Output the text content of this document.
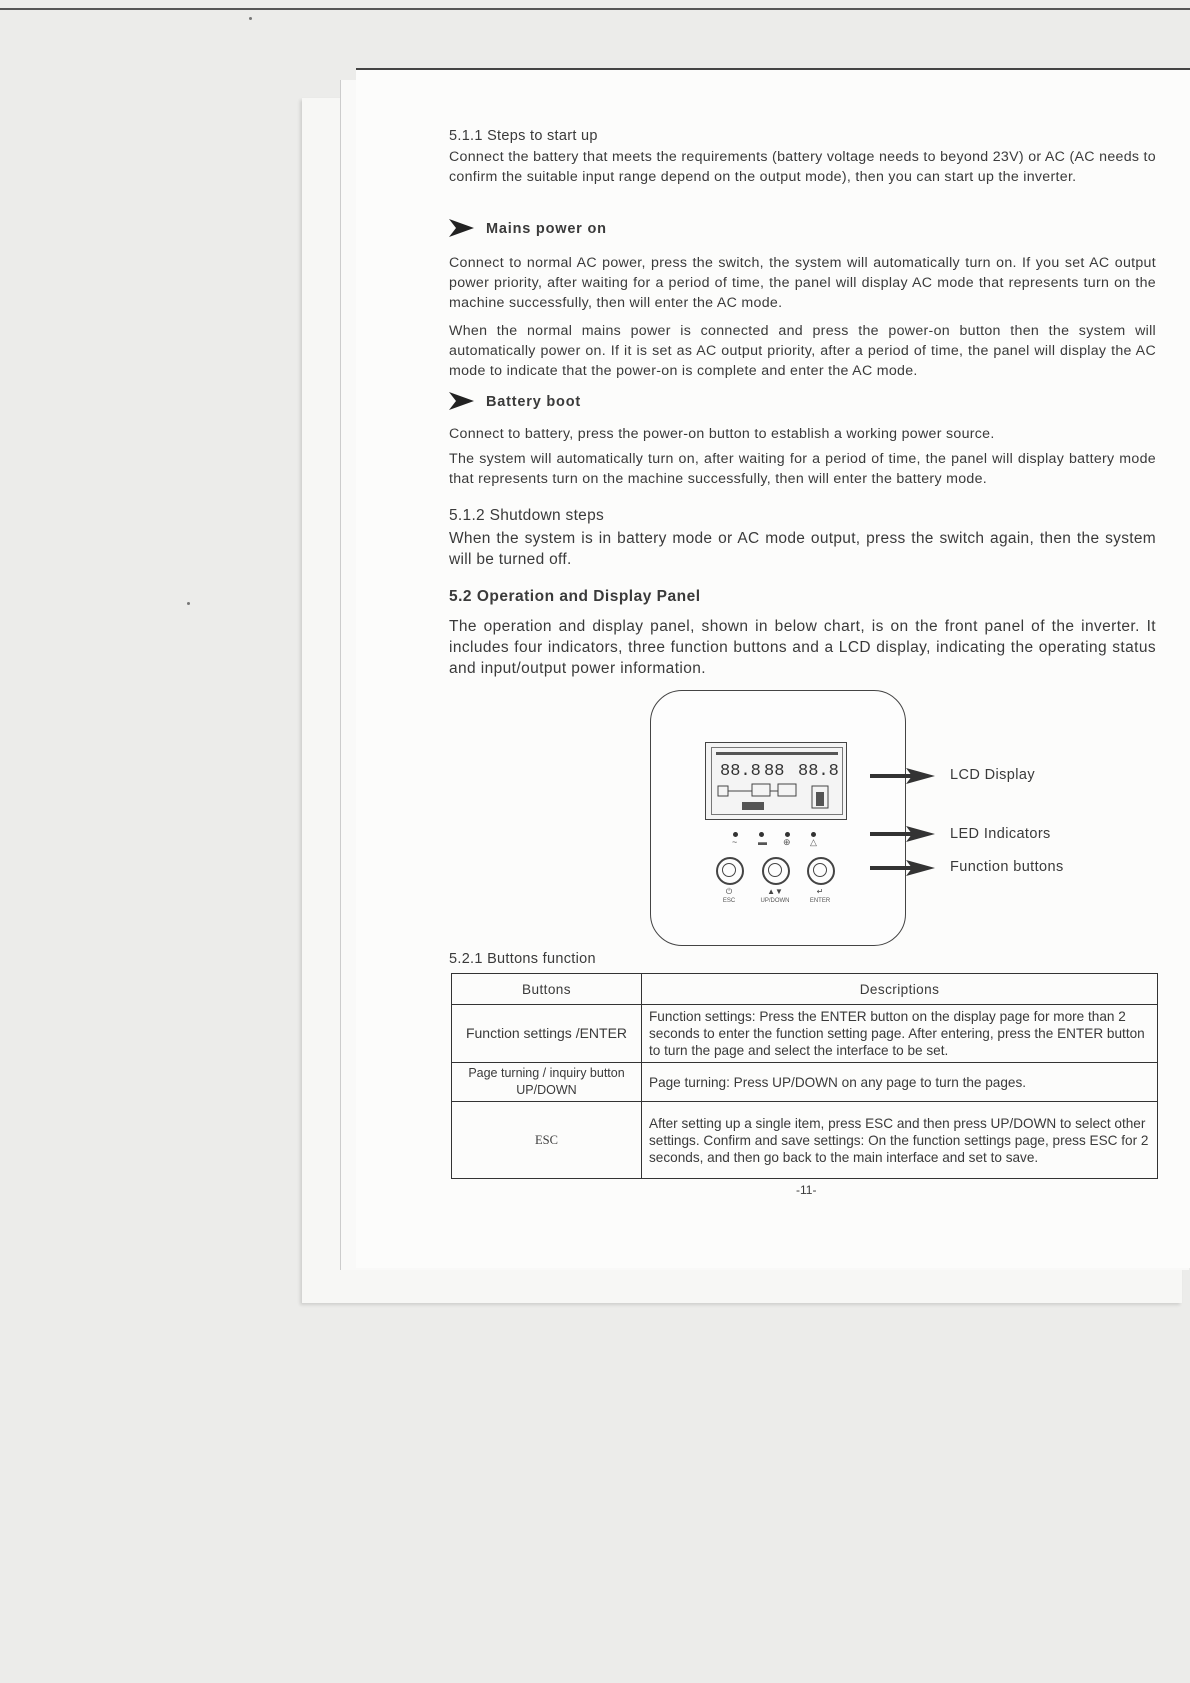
5.1.1 Steps to start up
Connect the battery that meets the requirements (battery voltage needs to beyond 23V) or AC (AC needs to confirm the suitable input range depend on the output mode), then you can start up the inverter.
Mains power on
Connect to normal AC power, press the switch, the system will automatically turn on. If you set AC output power priority, after waiting for a period of time, the panel will display AC mode that represents turn on the machine successfully, then will enter the AC mode.
When the normal mains power is connected and press the power-on button then the system will automatically power on. If it is set as AC output priority, after a period of time, the panel will display the AC mode to indicate that the power-on is complete and enter the AC mode.
Battery boot
Connect to battery, press the power-on button to establish a working power source.
The system will automatically turn on, after waiting for a period of time, the panel will display battery mode that represents turn on the machine successfully, then will enter the battery mode.
5.1.2 Shutdown steps
When the system is in battery mode or AC mode output, press the switch again, then the system will be turned off.
5.2 Operation and Display Panel
The operation and display panel, shown in below chart, is on the front panel of the inverter. It includes four indicators, three function buttons and a LCD display, indicating the operating status and input/output power information.
88.8 88 88.8
~ ▬ ⊕ △
⏻	▲▼	↵
ESC	UP/DOWN	ENTER
LCD Display
LED Indicators
Function buttons
5.2.1 Buttons function
Buttons	Descriptions
Function settings /ENTER	Function settings: Press the ENTER button on the display page for more than 2 seconds to enter the function setting page. After entering, press the ENTER button to turn the page and select the interface to be set.
Page turning / inquiry button UP/DOWN	Page turning: Press UP/DOWN on any page to turn the pages.
ESC	After setting up a single item, press ESC and then press UP/DOWN to select other settings. Confirm and save settings: On the function settings page, press ESC for 2 seconds, and then go back to the main interface and set to save.
-11-
